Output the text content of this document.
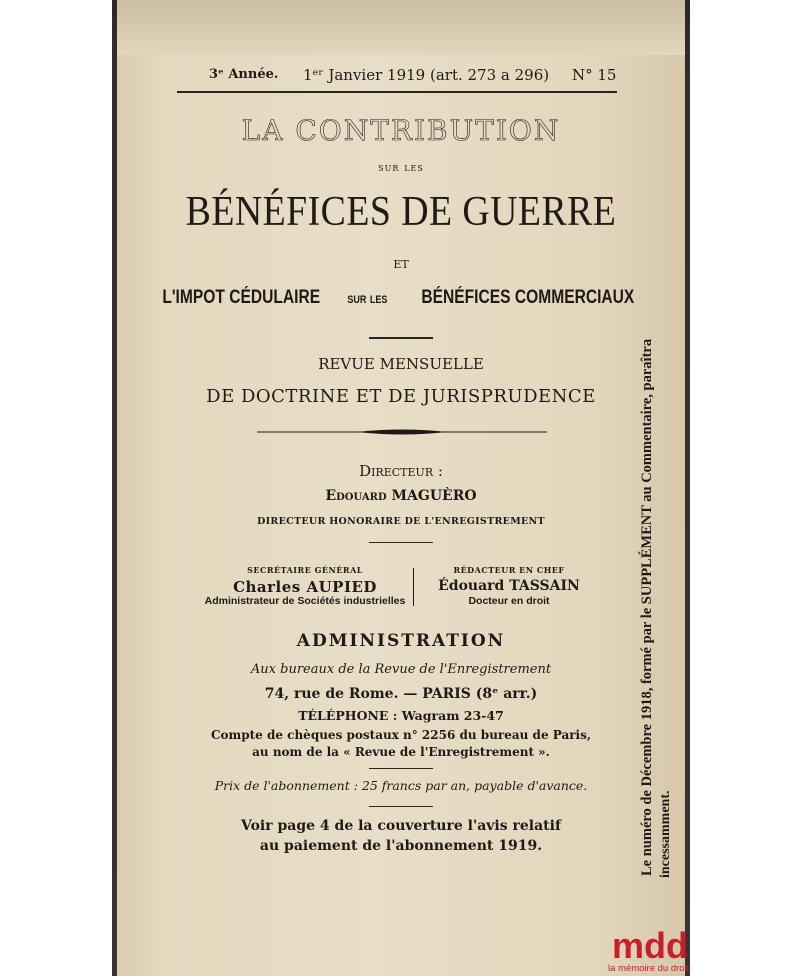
3ᵉ Année. 1ᵉʳ Janvier 1919 (art. 273 a 296) N° 15
LA CONTRIBUTION
sur les
BÉNÉFICES DE GUERRE
ET
L'IMPOT CÉDULAIRE sur les BÉNÉFICES COMMERCIAUX
REVUE MENSUELLE
DE DOCTRINE ET DE JURISPRUDENCE
Directeur :
Edouard MAGUÈRO
DIRECTEUR HONORAIRE DE L'ENREGISTREMENT
SECRÉTAIRE GÉNÉRAL
Charles AUPIED
Administrateur de Sociétés industrielles
RÉDACTEUR EN CHEF
Édouard TASSAIN
Docteur en droit
ADMINISTRATION
Aux bureaux de la Revue de l'Enregistrement
74, rue de Rome. — PARIS (8ᵉ arr.)
TÉLÉPHONE : Wagram 23-47
Compte de chèques postaux n° 2256 du bureau de Paris,
au nom de la « Revue de l'Enregistrement ».
Prix de l'abonnement : 25 francs par an, payable d'avance.
Voir page 4 de la couverture l'avis relatif
au paiement de l'abonnement 1919.	Le numéro de Décembre 1918, formé par le SUPPLÉMENT au Commentaire, paraîtra incessamment.
mdd
la mémoire du droit
